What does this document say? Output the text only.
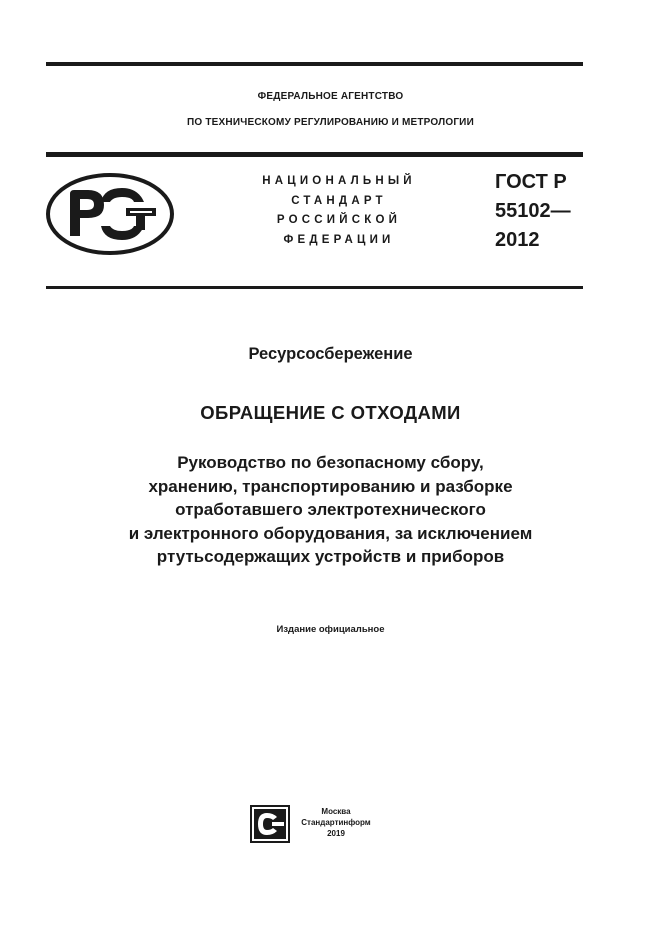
ФЕДЕРАЛЬНОЕ АГЕНТСТВО
ПО ТЕХНИЧЕСКОМУ РЕГУЛИРОВАНИЮ И МЕТРОЛОГИИ
НАЦИОНАЛЬНЫЙ
СТАНДАРТ
РОССИЙСКОЙ
ФЕДЕРАЦИИ
ГОСТ Р
55102—
2012
Ресурсосбережение
ОБРАЩЕНИЕ С ОТХОДАМИ
Руководство по безопасному сбору,
хранению, транспортированию и разборке
отработавшего электротехнического
и электронного оборудования, за исключением
ртутьсодержащих устройств и приборов
Издание официальное
Москва
Стандартинформ
2019
